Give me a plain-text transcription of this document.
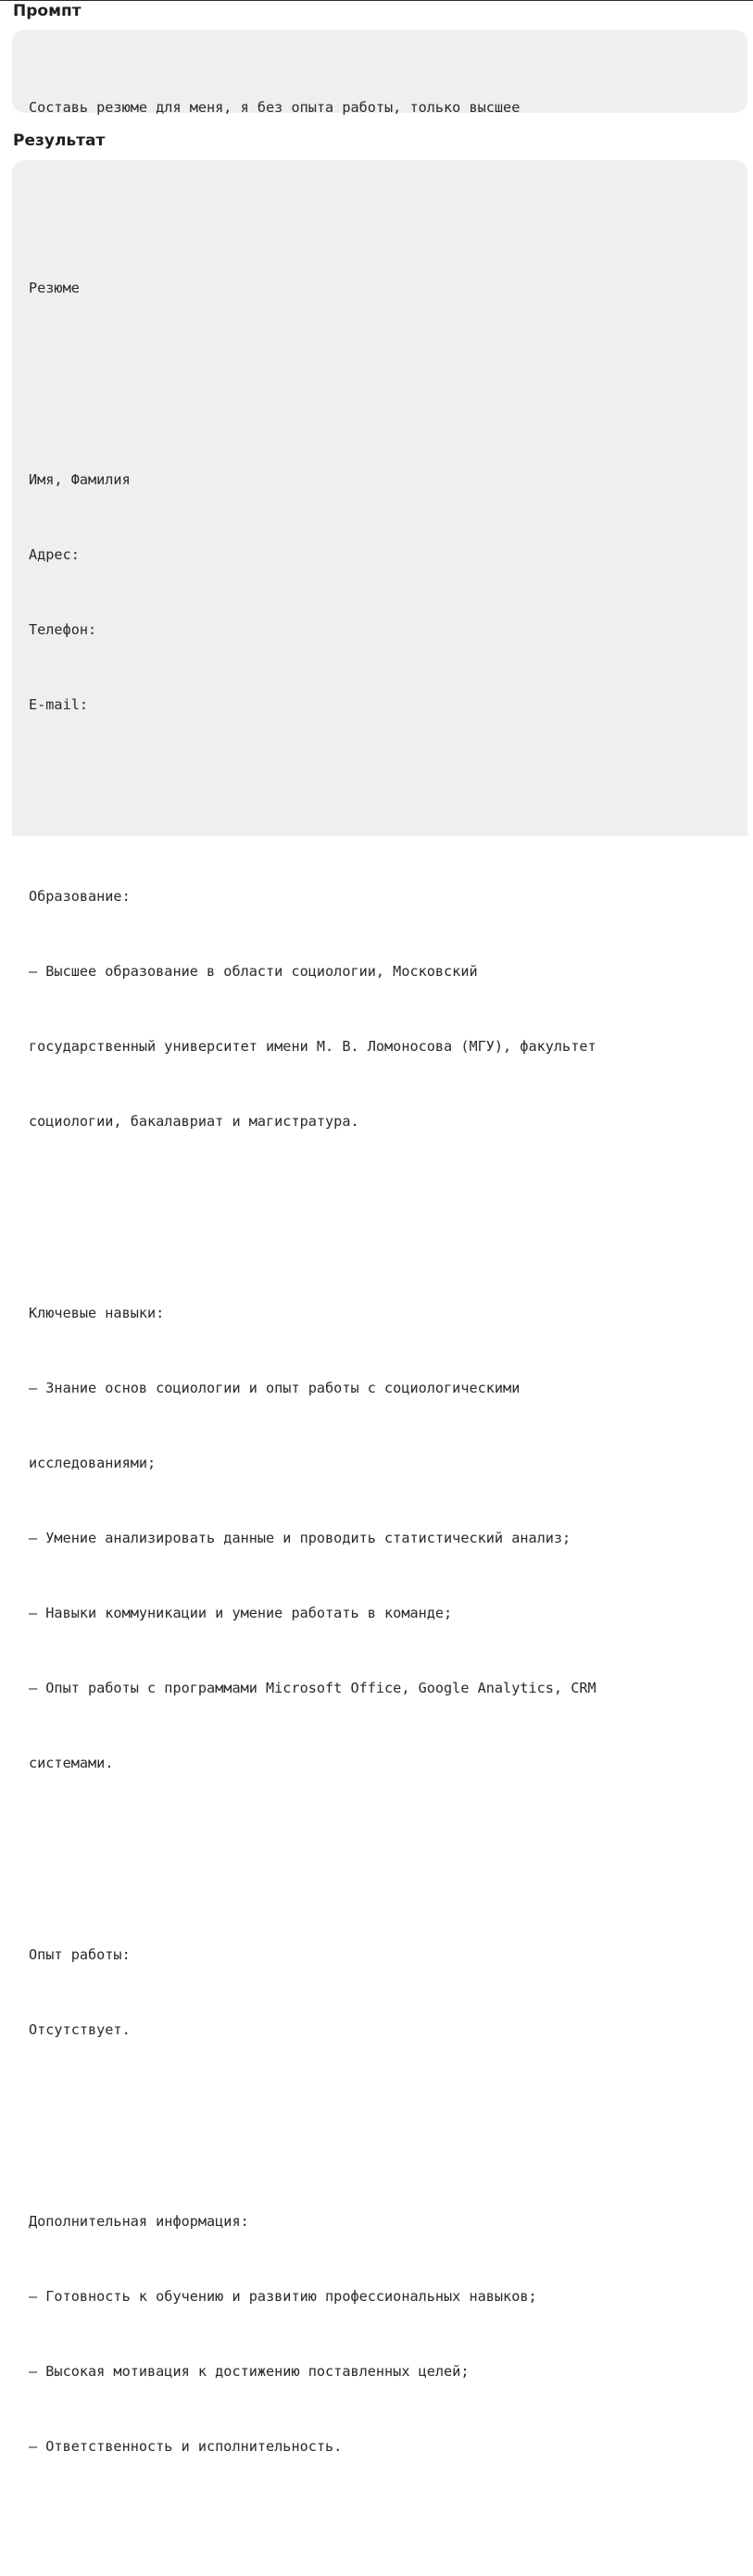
Промпт

Составь резюме для меня, я без опыта работы, только высшее

Результат

Резюме

Имя, Фамилия

Адрес:

Телефон:

E-mail:

Образование:

– Высшее образование в области социологии, Московский

государственный университет имени М. В. Ломоносова (МГУ), факультет

социологии, бакалавриат и магистратура.

Ключевые навыки:

– Знание основ социологии и опыт работы с социологическими

исследованиями;

– Умение анализировать данные и проводить статистический анализ;

– Навыки коммуникации и умение работать в команде;

– Опыт работы с программами Microsoft Office, Google Analytics, CRM

системами.

Опыт работы:

Отсутствует.

Дополнительная информация:

– Готовность к обучению и развитию профессиональных навыков;

– Высокая мотивация к достижению поставленных целей;

– Ответственность и исполнительность.
